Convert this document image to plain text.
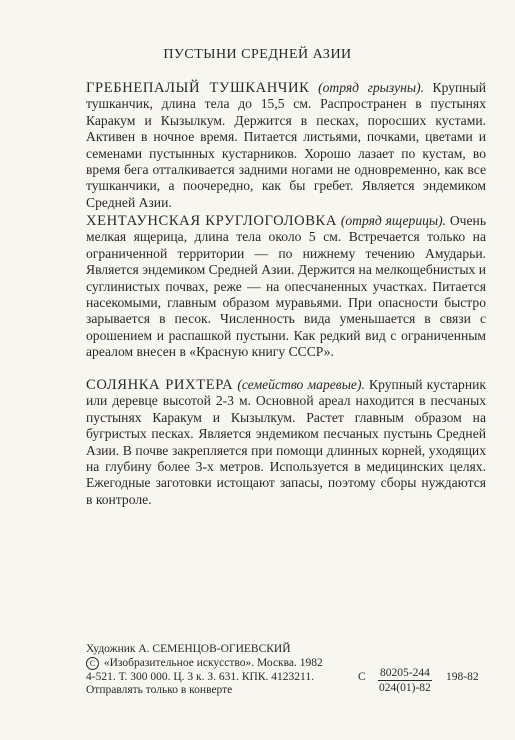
ПУСТЫНИ СРЕДНЕЙ АЗИИ
ГРЕБНЕПАЛЫЙ ТУШКАНЧИК (отряд грызуны). Крупный тушканчик, длина тела до 15,5 см. Распространен в пустынях Каракум и Кызылкум. Держится в песках, поросших кустами. Активен в ночное время. Питается листьями, почками, цветами и семенами пустынных кустарников. Хорошо лазает по кустам, во время бега отталкивается задними ногами не одновременно, как все тушканчики, а поочередно, как бы гребет. Является эндемиком Средней Азии.
ХЕНТАУНСКАЯ КРУГЛОГОЛОВКА (отряд ящерицы). Очень мелкая ящерица, длина тела около 5 см. Встречается только на ограниченной территории — по нижнему течению Амударьи. Является эндемиком Средней Азии. Держится на мелкощебнистых и суглинистых почвах, реже — на опесчаненных участках. Питается насекомыми, главным образом муравьями. При опасности быстро зарывается в песок. Численность вида уменьшается в связи с орошением и распашкой пустыни. Как редкий вид с ограниченным ареалом внесен в «Красную книгу СССР».
СОЛЯНКА РИХТЕРА (семейство маревые). Крупный кустарник или деревце высотой 2-3 м. Основной ареал находится в песчаных пустынях Каракум и Кызылкум. Растет главным образом на бугристых песках. Является эндемиком песчаных пустынь Средней Азии. В почве закрепляется при помощи длинных корней, уходящих на глубину более 3-х метров. Используется в медицинских целях. Ежегодные заготовки истощают запасы, поэтому сборы нуждаются в контроле.
Художник А. СЕМЕНЦОВ-ОГИЕВСКИЙ
С «Изобразительное искусство». Москва. 1982
4-521. Т. 300 000. Ц. 3 к. З. 631. КПК. 4123211.
Отправлять только в конверте
С $\frac{80205-244}{024(01)-82} 198-82$
